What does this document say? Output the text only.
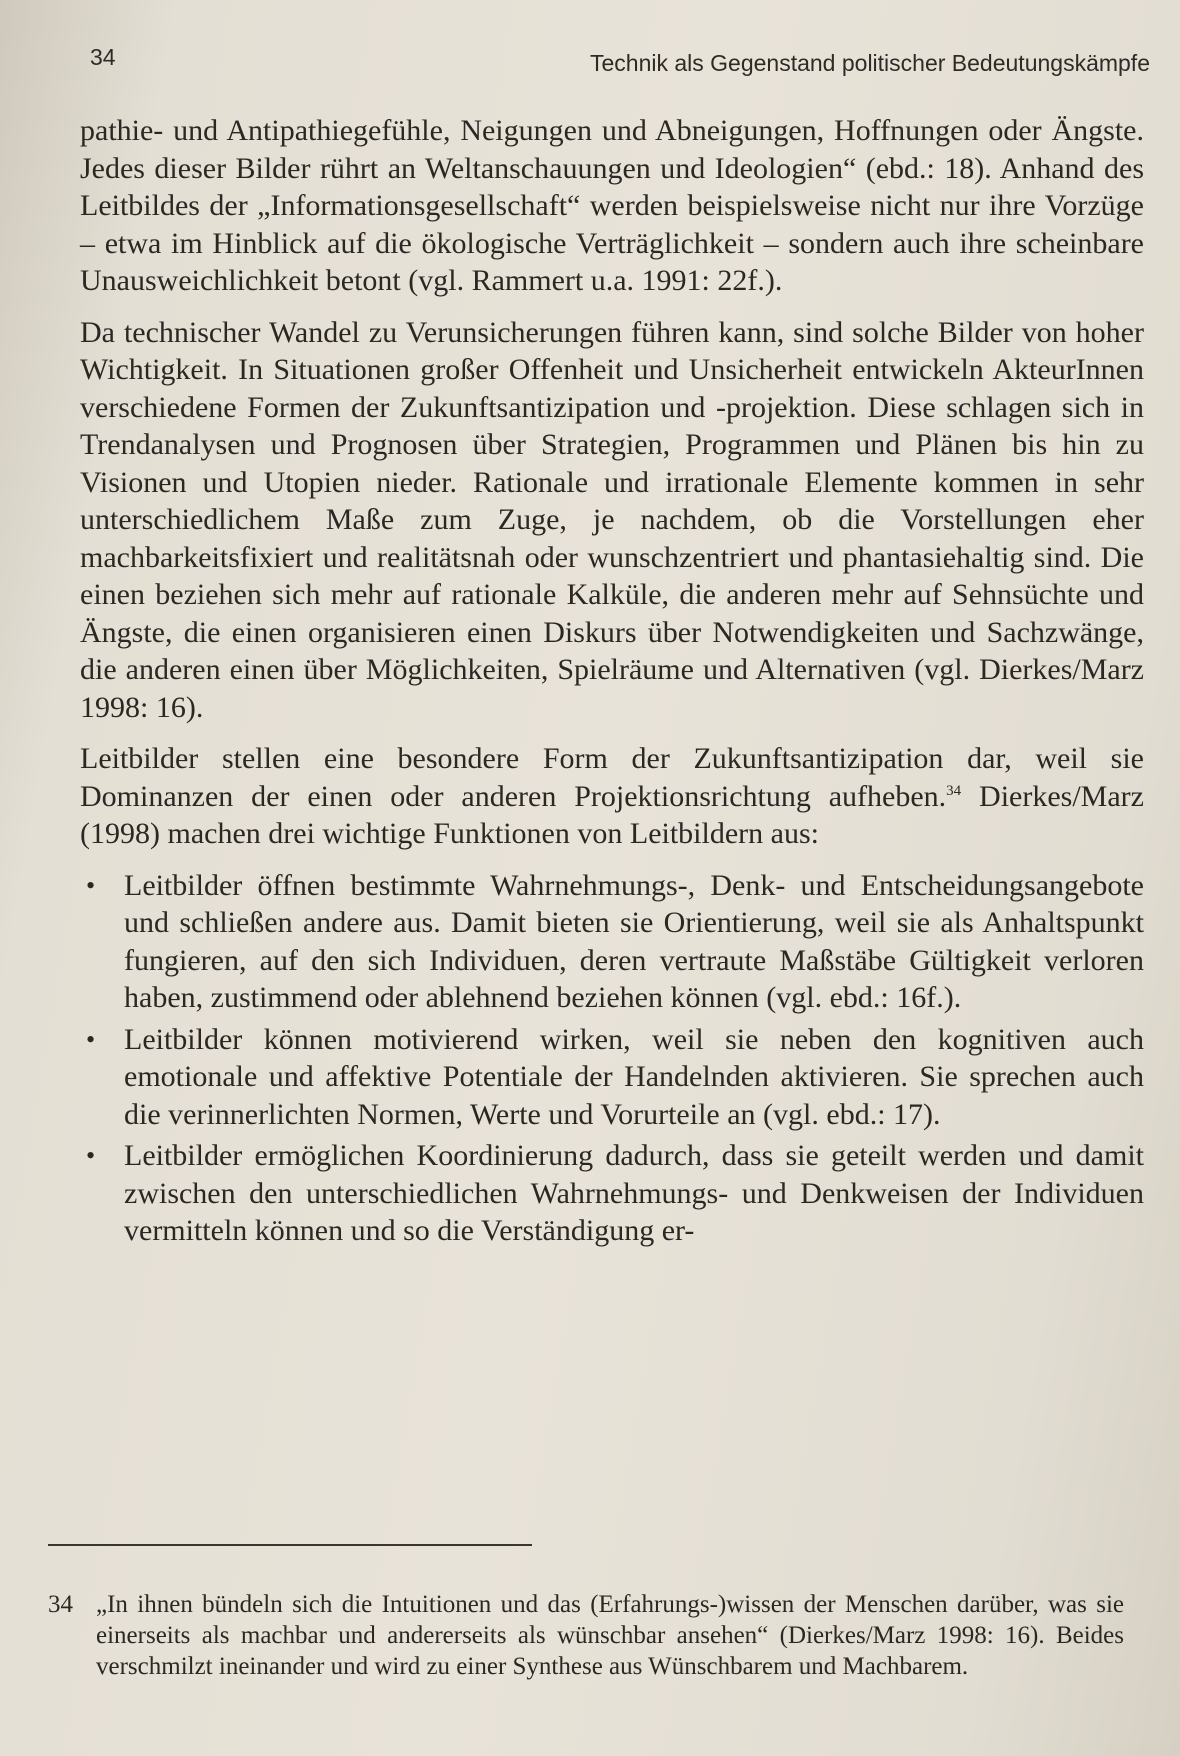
34	Technik als Gegenstand politischer Bedeutungskämpfe

pathie- und Antipathiegefühle, Neigungen und Abneigungen, Hoffnungen oder Ängste. Jedes dieser Bilder rührt an Weltanschauungen und Ideologien“ (ebd.: 18). Anhand des Leitbildes der „Informationsgesellschaft“ werden beispielsweise nicht nur ihre Vorzüge – etwa im Hinblick auf die ökologische Verträglichkeit – sondern auch ihre scheinbare Unausweichlichkeit betont (vgl. Rammert u.a. 1991: 22f.).

Da technischer Wandel zu Verunsicherungen führen kann, sind solche Bilder von hoher Wichtigkeit. In Situationen großer Offenheit und Unsicherheit entwickeln AkteurInnen verschiedene Formen der Zukunftsantizipation und -projektion. Diese schlagen sich in Trendanalysen und Prognosen über Strategien, Programmen und Plänen bis hin zu Visionen und Utopien nieder. Rationale und irrationale Elemente kommen in sehr unterschiedlichem Maße zum Zuge, je nachdem, ob die Vorstellungen eher machbarkeitsfixiert und realitätsnah oder wunschzentriert und phantasiehaltig sind. Die einen beziehen sich mehr auf rationale Kalküle, die anderen mehr auf Sehnsüchte und Ängste, die einen organisieren einen Diskurs über Notwendigkeiten und Sachzwänge, die anderen einen über Möglichkeiten, Spielräume und Alternativen (vgl. Dierkes/Marz 1998: 16).

Leitbilder stellen eine besondere Form der Zukunftsantizipation dar, weil sie Dominanzen der einen oder anderen Projektionsrichtung aufheben.$^{34}$ Dierkes/Marz (1998) machen drei wichtige Funktionen von Leitbildern aus:

• Leitbilder öffnen bestimmte Wahrnehmungs-, Denk- und Entscheidungsangebote und schließen andere aus. Damit bieten sie Orientierung, weil sie als Anhaltspunkt fungieren, auf den sich Individuen, deren vertraute Maßstäbe Gültigkeit verloren haben, zustimmend oder ablehnend beziehen können (vgl. ebd.: 16f.).
• Leitbilder können motivierend wirken, weil sie neben den kognitiven auch emotionale und affektive Potentiale der Handelnden aktivieren. Sie sprechen auch die verinnerlichten Normen, Werte und Vorurteile an (vgl. ebd.: 17).
• Leitbilder ermöglichen Koordinierung dadurch, dass sie geteilt werden und damit zwischen den unterschiedlichen Wahrnehmungs- und Denkweisen der Individuen vermitteln können und so die Verständigung er-
34 „In ihnen bündeln sich die Intuitionen und das (Erfahrungs-)wissen der Menschen darüber, was sie einerseits als machbar und andererseits als wünschbar ansehen“ (Dierkes/Marz 1998: 16). Beides verschmilzt ineinander und wird zu einer Synthese aus Wünschbarem und Machbarem.
